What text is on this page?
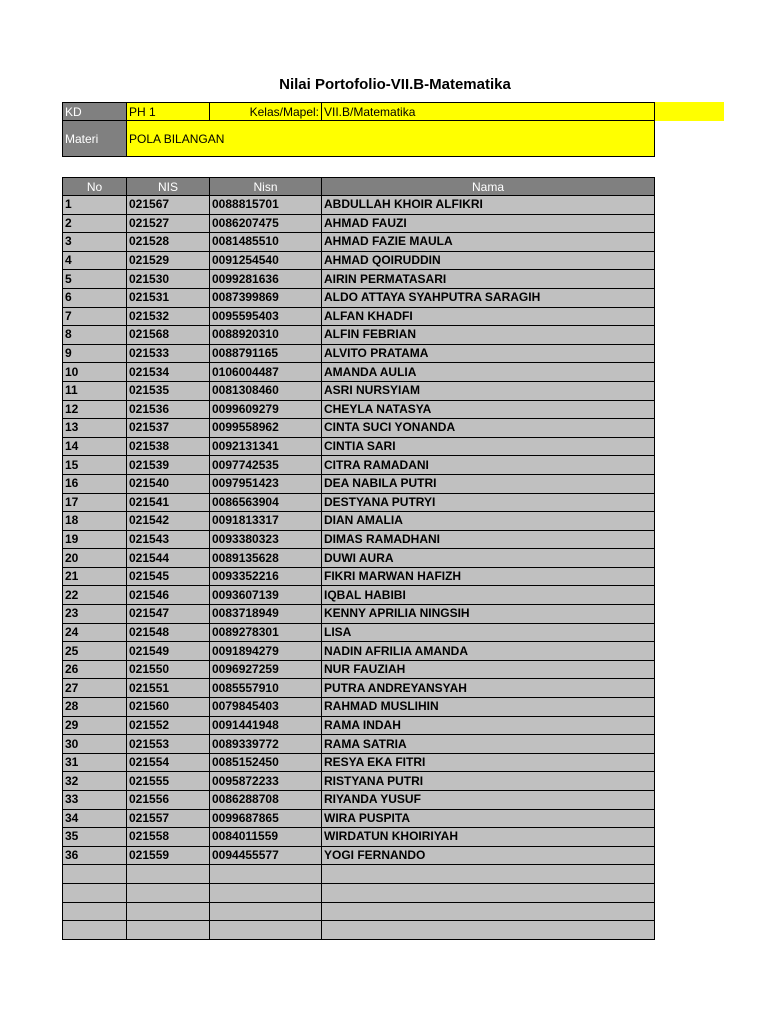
Nilai Portofolio-VII.B-Matematika
KD	PH 1	Kelas/Mapel:	VII.B/Matematika
Materi	POLA BILANGAN		
No	NIS	Nisn	Nama
1	021567	0088815701	ABDULLAH KHOIR ALFIKRI
2	021527	0086207475	AHMAD FAUZI
3	021528	0081485510	AHMAD FAZIE MAULA
4	021529	0091254540	AHMAD QOIRUDDIN
5	021530	0099281636	AIRIN PERMATASARI
6	021531	0087399869	ALDO ATTAYA SYAHPUTRA SARAGIH
7	021532	0095595403	ALFAN KHADFI
8	021568	0088920310	ALFIN FEBRIAN
9	021533	0088791165	ALVITO PRATAMA
10	021534	0106004487	AMANDA AULIA
11	021535	0081308460	ASRI NURSYIAM
12	021536	0099609279	CHEYLA NATASYA
13	021537	0099558962	CINTA SUCI YONANDA
14	021538	0092131341	CINTIA SARI
15	021539	0097742535	CITRA RAMADANI
16	021540	0097951423	DEA NABILA PUTRI
17	021541	0086563904	DESTYANA PUTRYI
18	021542	0091813317	DIAN AMALIA
19	021543	0093380323	DIMAS RAMADHANI
20	021544	0089135628	DUWI AURA
21	021545	0093352216	FIKRI MARWAN HAFIZH
22	021546	0093607139	IQBAL HABIBI
23	021547	0083718949	KENNY APRILIA NINGSIH
24	021548	0089278301	LISA
25	021549	0091894279	NADIN AFRILIA AMANDA
26	021550	0096927259	NUR FAUZIAH
27	021551	0085557910	PUTRA ANDREYANSYAH
28	021560	0079845403	RAHMAD MUSLIHIN
29	021552	0091441948	RAMA INDAH
30	021553	0089339772	RAMA SATRIA
31	021554	0085152450	RESYA EKA FITRI
32	021555	0095872233	RISTYANA PUTRI
33	021556	0086288708	RIYANDA YUSUF
34	021557	0099687865	WIRA PUSPITA
35	021558	0084011559	WIRDATUN KHOIRIYAH
36	021559	0094455577	YOGI FERNANDO
